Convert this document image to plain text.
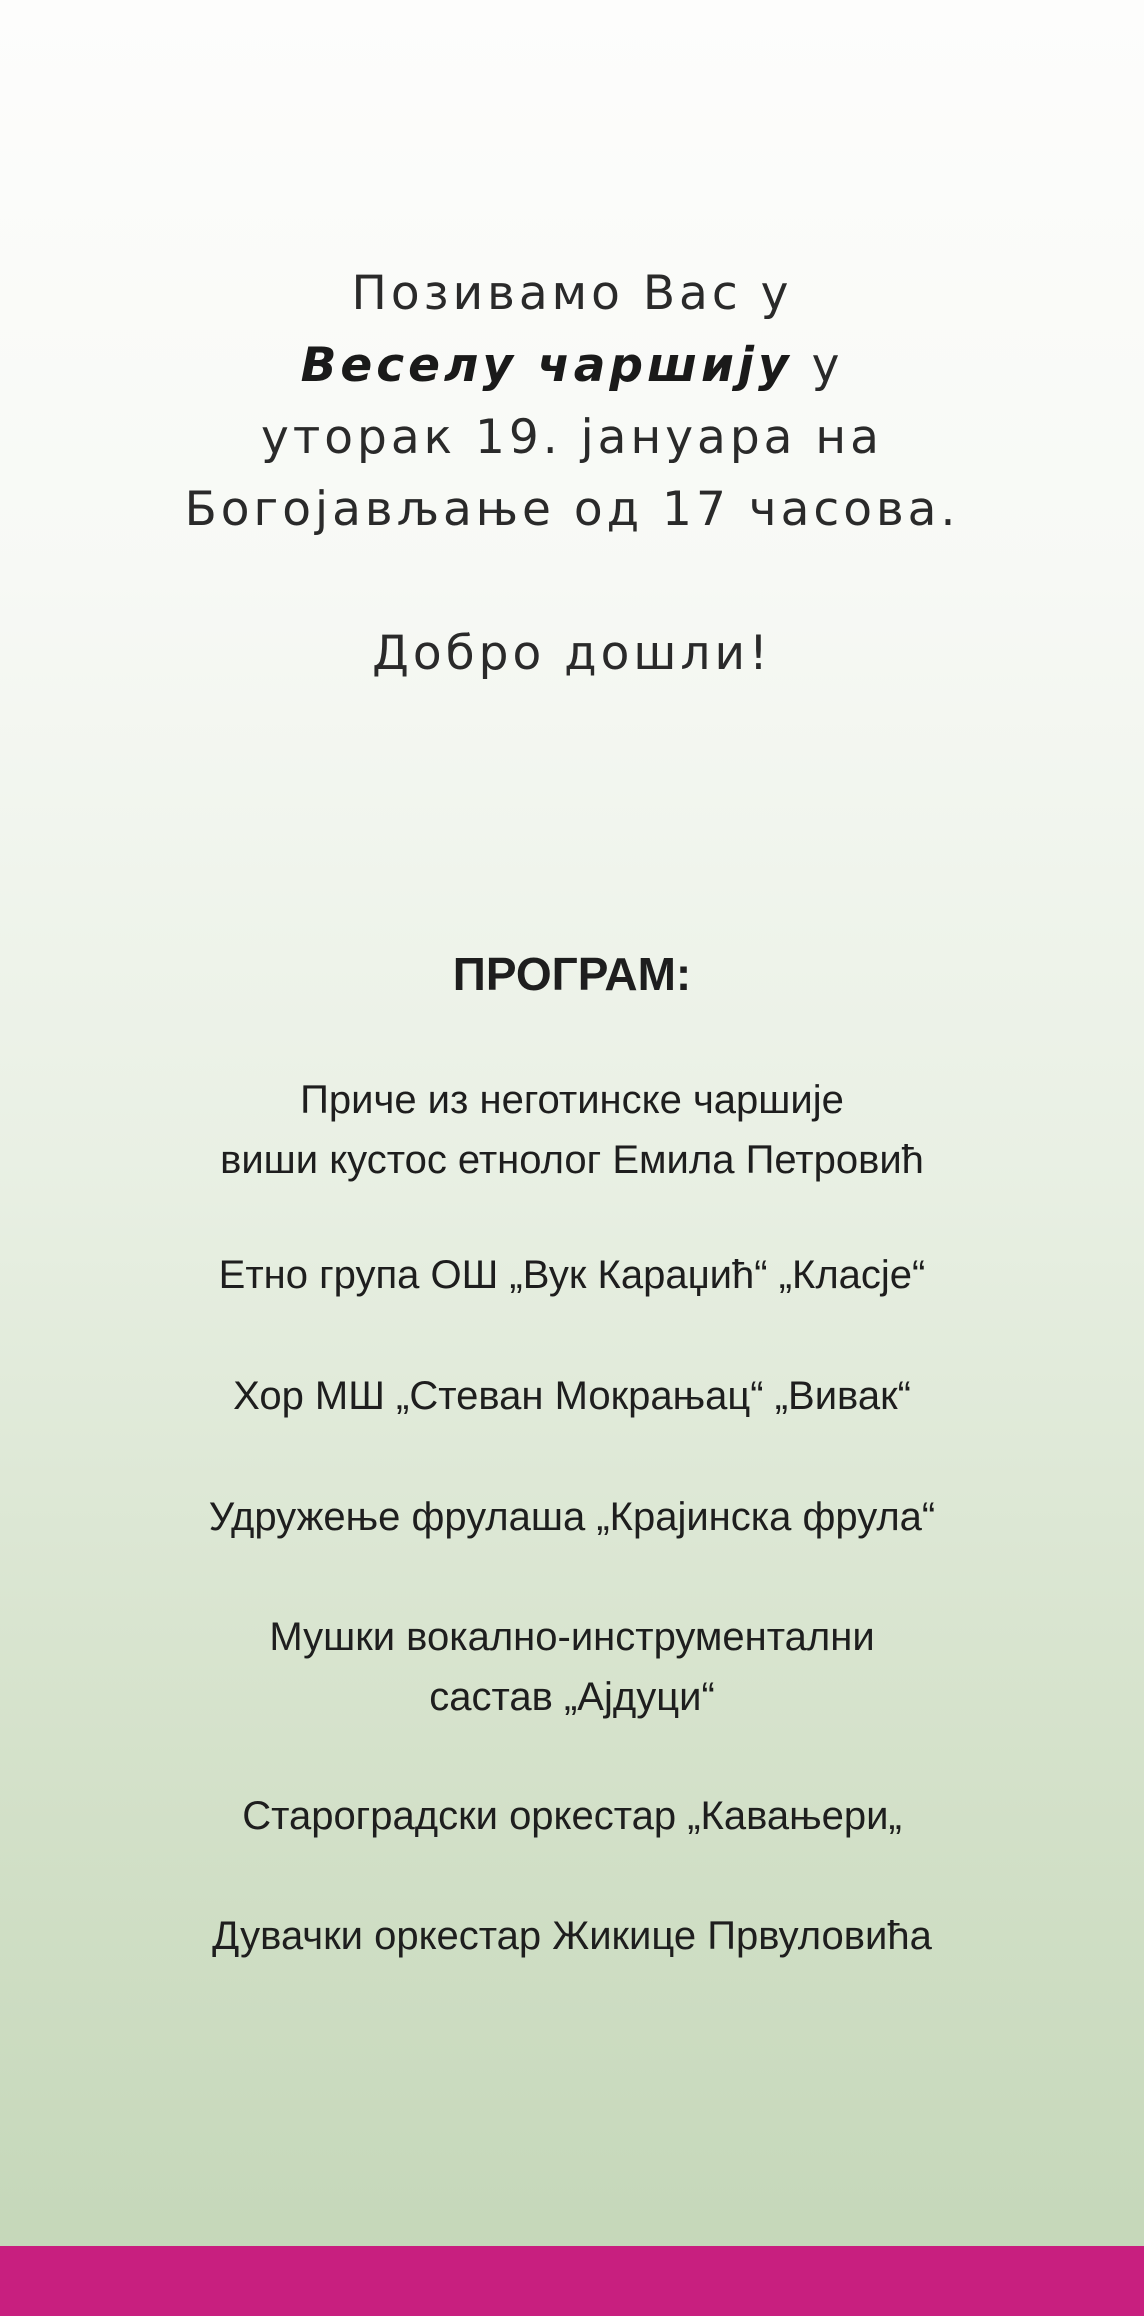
Позивамо Вас у
Веселу чаршију у
уторак 19. јануара на
Богојављање од 17 часова.
Добро дошли!
ПРОГРАМ:
Приче из неготинске чаршије
виши кустос етнолог Емила Петровић
Етно група ОШ „Вук Караџић“ „Класје“
Хор МШ „Стеван Мокрањац“ „Вивак“
Удружење фрулаша „Крајинска фрула“
Мушки вокално-инструментални
састав „Ајдуци“
Староградски оркестар „Кавањери„
Дувачки оркестар Жикице Првуловића
